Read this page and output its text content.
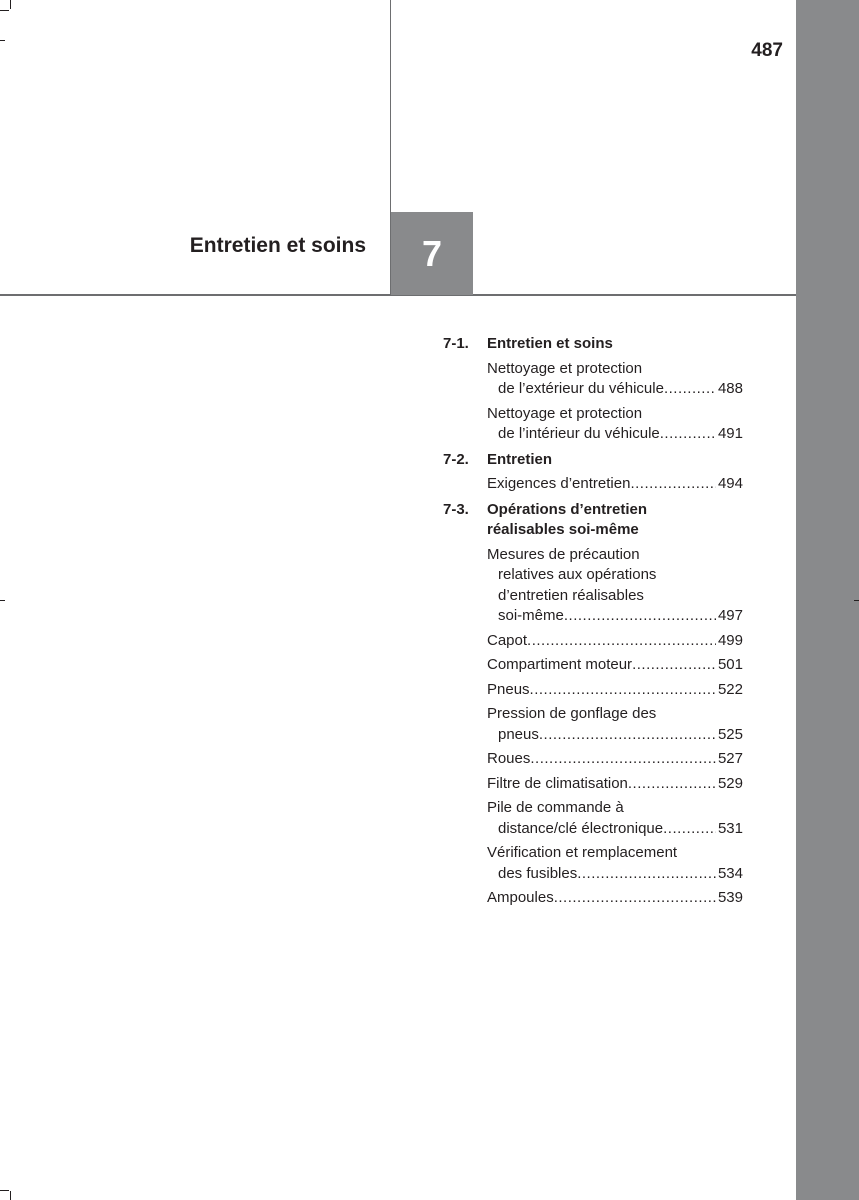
487
Entretien et soins 7
7-1.	Entretien et soins
Nettoyage et protection
de l’extérieur du véhicule .....	488
Nettoyage et protection
de l’intérieur du véhicule .....	491
7-2.	Entretien
Exigences d’entretien .....	494
7-3.	Opérations d’entretien
réalisables soi-même
Mesures de précaution
relatives aux opérations
d’entretien réalisables
soi-même .....	497
Capot .....	499
Compartiment moteur .....	501
Pneus .....	522
Pression de gonflage des
pneus .....	525
Roues .....	527
Filtre de climatisation .....	529
Pile de commande à
distance/clé électronique .....	531
Vérification et remplacement
des fusibles .....	534
Ampoules .....	539
